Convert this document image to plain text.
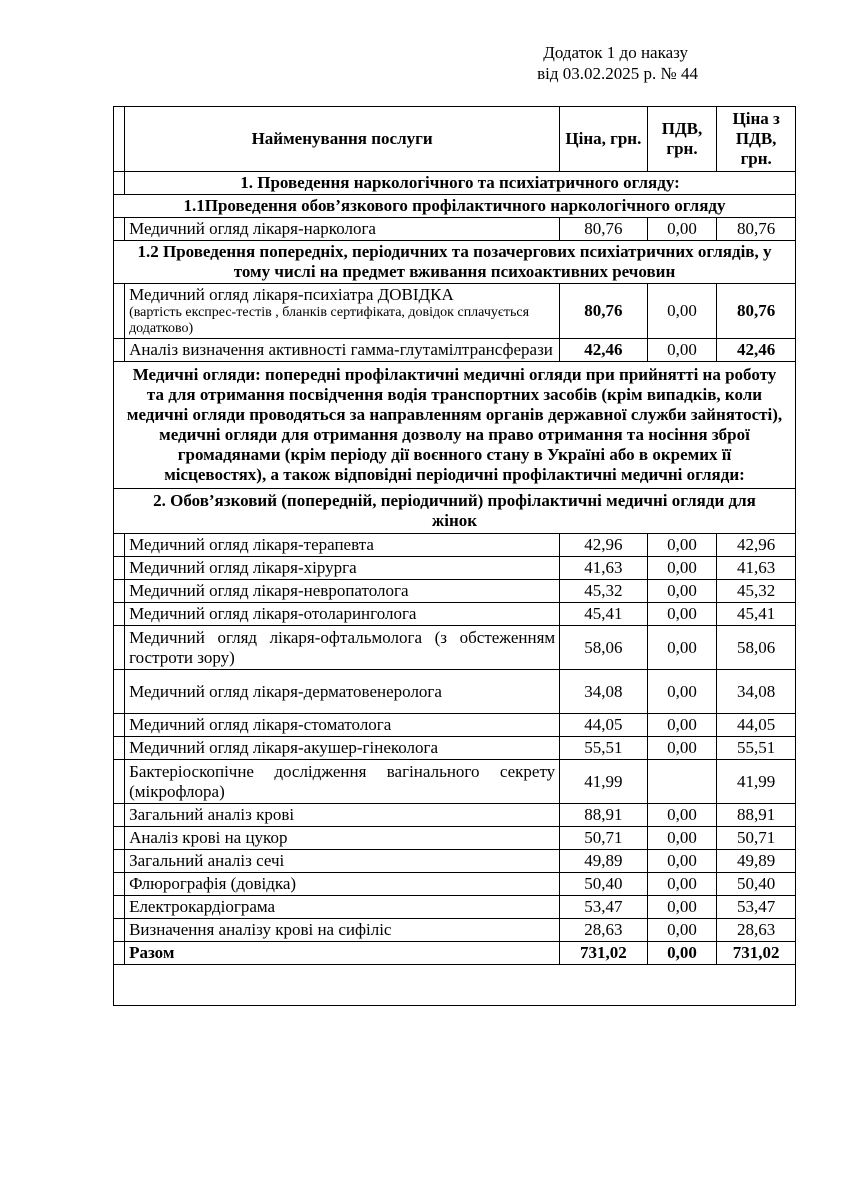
Додаток 1 до наказу
від 03.02.2025 р. № 44
	Найменування послуги	Ціна, грн.	ПДВ, грн.	Ціна з ПДВ, грн.
	1. Проведення наркологічного та психіатричного огляду:			
1.1Проведення обов’язкового профілактичного наркологічного огляду				
	Медичний огляд лікаря-нарколога	80,76	0,00	80,76
1.2 Проведення попередніх, періодичних та позачергових психіатричних оглядів, у тому числі на предмет вживання психоактивних речовин				
	Медичний огляд лікаря-психіатра ДОВІДКА
(вартість експрес-тестів , бланків сертифіката, довідок сплачується додатково)	80,76	0,00	80,76
	Аналіз визначення активності гамма-глутамілтрансферази	42,46	0,00	42,46
Медичні огляди: попередні профілактичні медичні огляди при прийнятті на роботу та для отримання посвідчення водія транспортних засобів (крім випадків, коли медичні огляди проводяться за направленням органів державної служби зайнятості), медичні огляди для отримання дозволу на право отримання та носіння зброї громадянами (крім періоду дії воєнного стану в Україні або в окремих її місцевостях), а також відповідні періодичні профілактичні медичні огляди:				
2. Обов’язковий (попередній, періодичний) профілактичні медичні огляди для жінок				
	Медичний огляд лікаря-терапевта	42,96	0,00	42,96
	Медичний огляд лікаря-хірурга	41,63	0,00	41,63
	Медичний огляд лікаря-невропатолога	45,32	0,00	45,32
	Медичний огляд лікаря-отоларинголога	45,41	0,00	45,41
	Медичний огляд лікаря-офтальмолога (з обстеженням гостроти зору)	58,06	0,00	58,06
	Медичний огляд лікаря-дерматовенеролога	34,08	0,00	34,08
	Медичний огляд лікаря-стоматолога	44,05	0,00	44,05
	Медичний огляд лікаря-акушер-гінеколога	55,51	0,00	55,51
	Бактеріоскопічне дослідження вагінального секрету (мікрофлора)	41,99		41,99
	Загальний аналіз крові	88,91	0,00	88,91
	Аналіз крові на цукор	50,71	0,00	50,71
	Загальний аналіз сечі	49,89	0,00	49,89
	Флюрографія (довідка)	50,40	0,00	50,40
	Електрокардіограма	53,47	0,00	53,47
	Визначення аналізу крові на сифіліс	28,63	0,00	28,63
	Разом	731,02	0,00	731,02
